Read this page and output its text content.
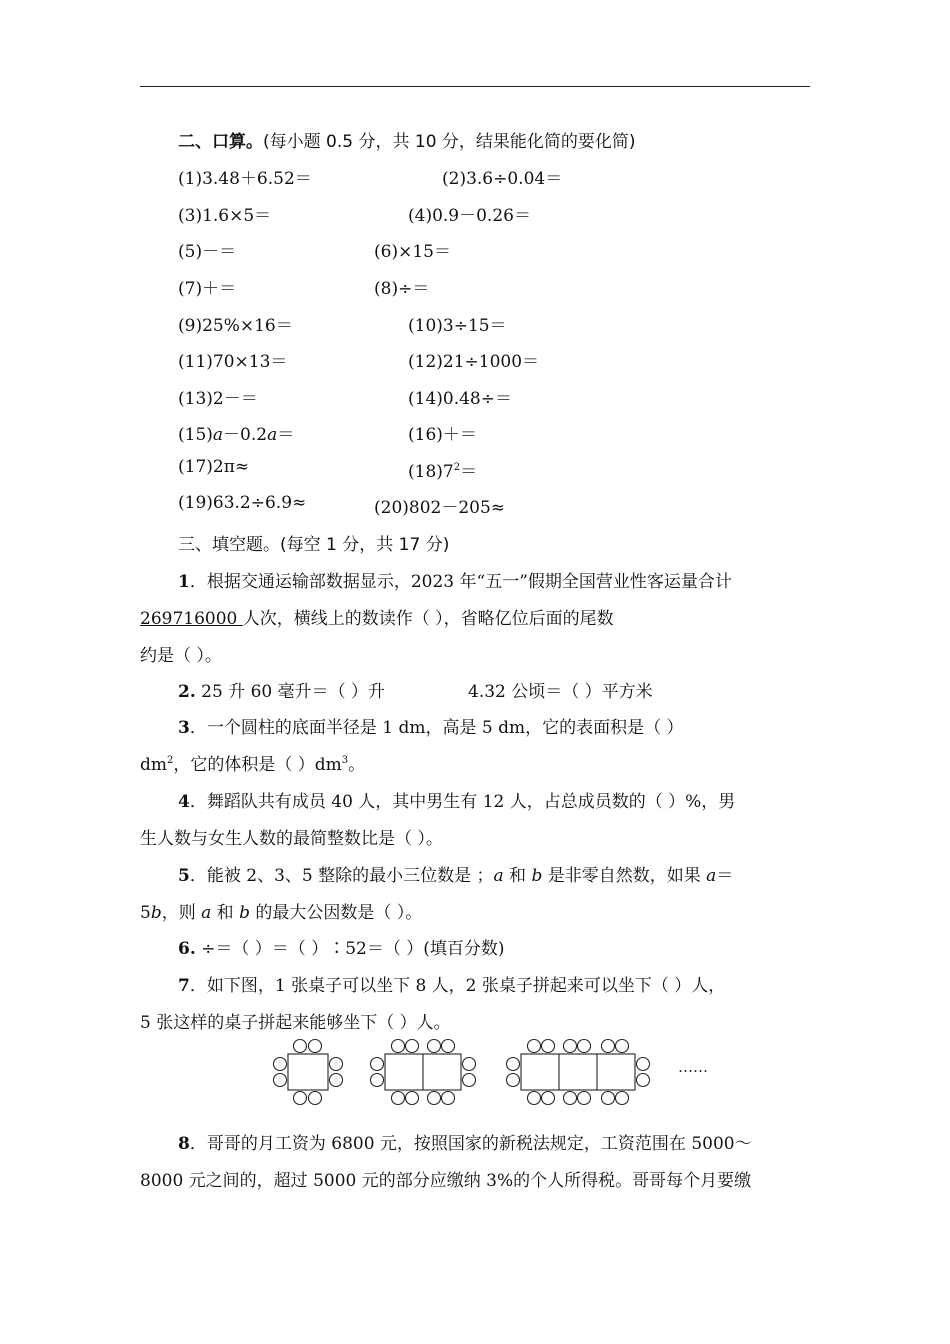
二、口算。(每小题 0.5 分，共 10 分，结果能化简的要化简)
(1)3.48＋6.52＝	(2)3.6÷0.04＝
(3)1.6×5＝	(4)0.9－0.26＝
(5)－＝	(6)×15＝
(7)＋＝	(8)÷＝
(9)25%×16＝	(10)3÷15＝
(11)70×13＝	(12)21÷1000＝
(13)2－＝	(14)0.48÷＝
(15)a－0.2a＝	(16)＋＝
(17)2π≈	$(18)7^2=$
(19)63.2÷6.9≈	(20)802－205≈
三、填空题。(每空 1 分，共 17 分)
1．根据交通运输部数据显示，2023 年“五一”假期全国营业性客运量合计
269716000 人次，横线上的数读作（ ），省略亿位后面的尾数
约是（ ）。
2. 25 升 60 毫升＝（ ）升	4.32 公顷＝（ ）平方米
3．一个圆柱的底面半径是 1 dm，高是 5 dm，它的表面积是（ ）
$dm^2$，它的体积是（ ）$dm^3$。
4．舞蹈队共有成员 40 人，其中男生有 12 人，占总成员数的（ ）%，男
生人数与女生人数的最简整数比是（ ）。
5．能被 2、3、5 整除的最小三位数是 ；a 和 b 是非零自然数，如果 a＝
5b，则 a 和 b 的最大公因数是（ ）。
6. ÷＝（ ）＝（ ）∶52＝（ ）(填百分数)
7．如下图，1 张桌子可以坐下 8 人，2 张桌子拼起来可以坐下（ ）人，
5 张这样的桌子拼起来能够坐下（ ）人。
……
8．哥哥的月工资为 6800 元，按照国家的新税法规定，工资范围在 5000～
8000 元之间的，超过 5000 元的部分应缴纳 3%的个人所得税。哥哥每个月要缴
